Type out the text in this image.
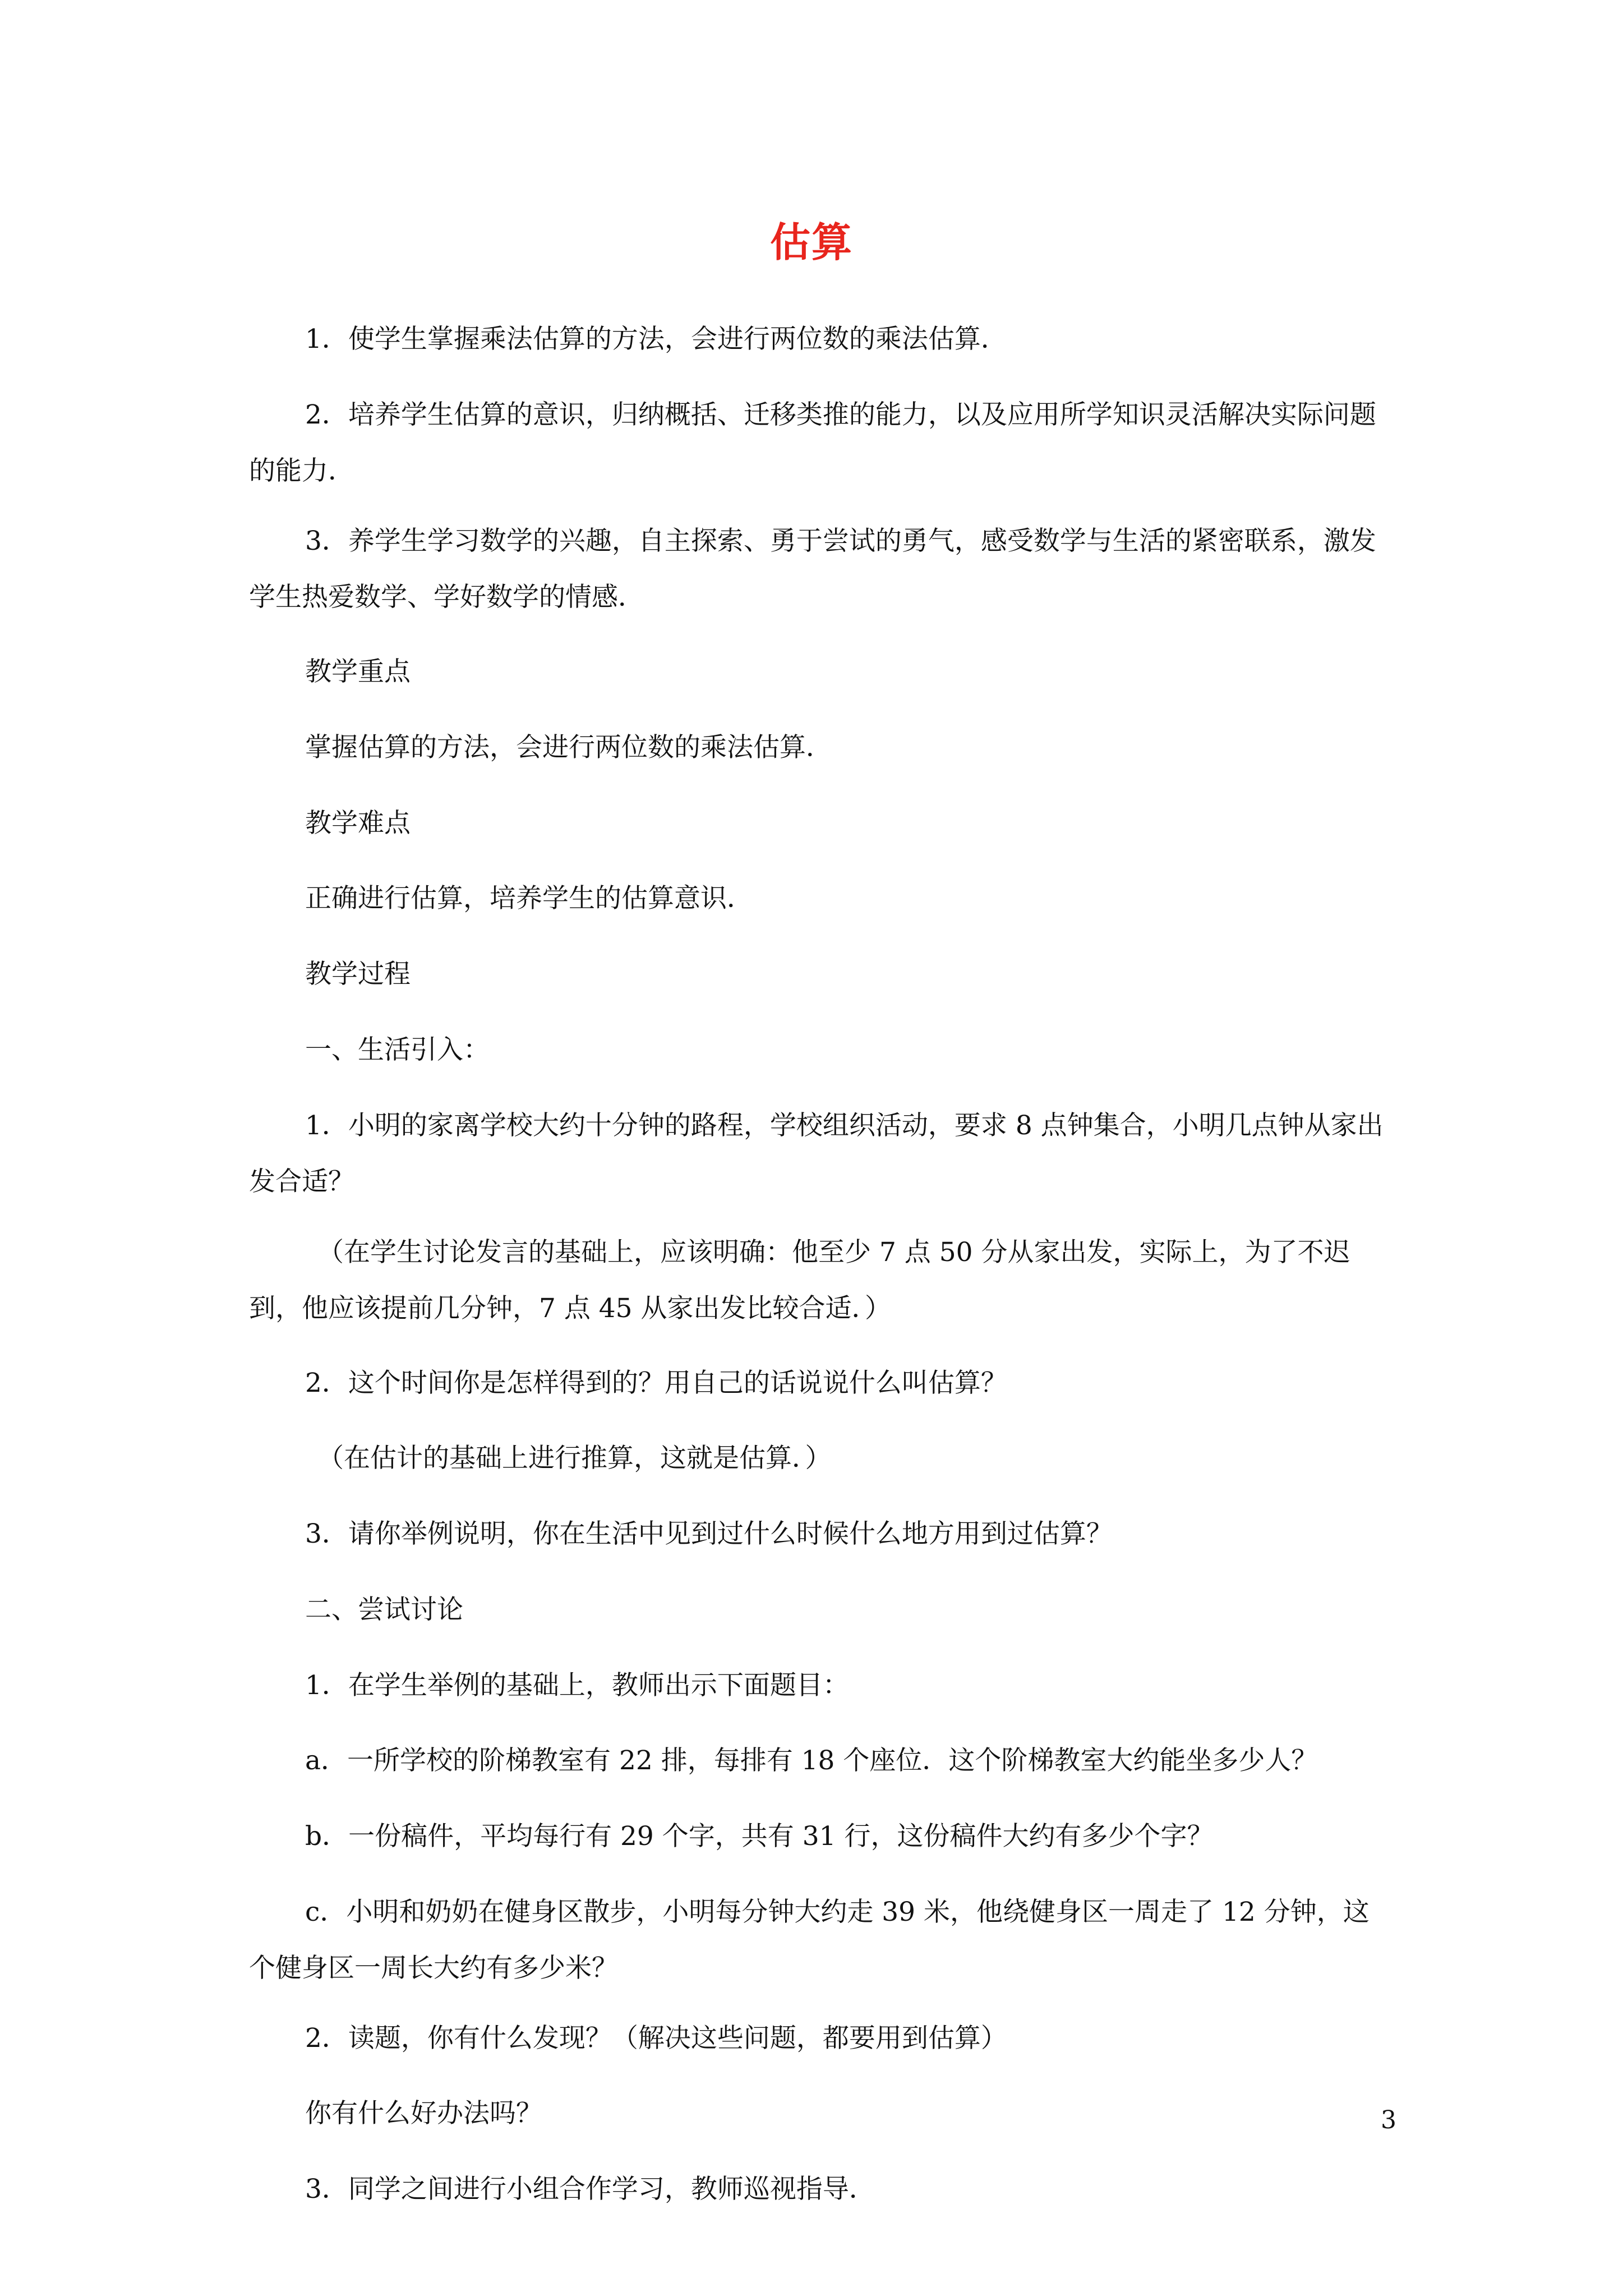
估算

1．使学生掌握乘法估算的方法，会进行两位数的乘法估算．

2．培养学生估算的意识，归纳概括、迁移类推的能力，以及应用所学知识灵活解决实际问题的能力．

3．养学生学习数学的兴趣，自主探索、勇于尝试的勇气，感受数学与生活的紧密联系，激发学生热爱数学、学好数学的情感．

教学重点

掌握估算的方法，会进行两位数的乘法估算．

教学难点

正确进行估算，培养学生的估算意识．

教学过程

一、生活引入：

1．小明的家离学校大约十分钟的路程，学校组织活动，要求 8 点钟集合，小明几点钟从家出发合适？

（在学生讨论发言的基础上，应该明确：他至少 7 点 50 分从家出发，实际上，为了不迟到，他应该提前几分钟，7 点 45 从家出发比较合适．）

2．这个时间你是怎样得到的？用自己的话说说什么叫估算？

（在估计的基础上进行推算，这就是估算．）

3．请你举例说明，你在生活中见到过什么时候什么地方用到过估算？

二、尝试讨论

1．在学生举例的基础上，教师出示下面题目：

a．一所学校的阶梯教室有 22 排，每排有 18 个座位．这个阶梯教室大约能坐多少人？

b．一份稿件，平均每行有 29 个字，共有 31 行，这份稿件大约有多少个字？

c．小明和奶奶在健身区散步，小明每分钟大约走 39 米，他绕健身区一周走了 12 分钟，这个健身区一周长大约有多少米？

2．读题，你有什么发现？（解决这些问题，都要用到估算）

你有什么好办法吗？

3．同学之间进行小组合作学习，教师巡视指导．

3
